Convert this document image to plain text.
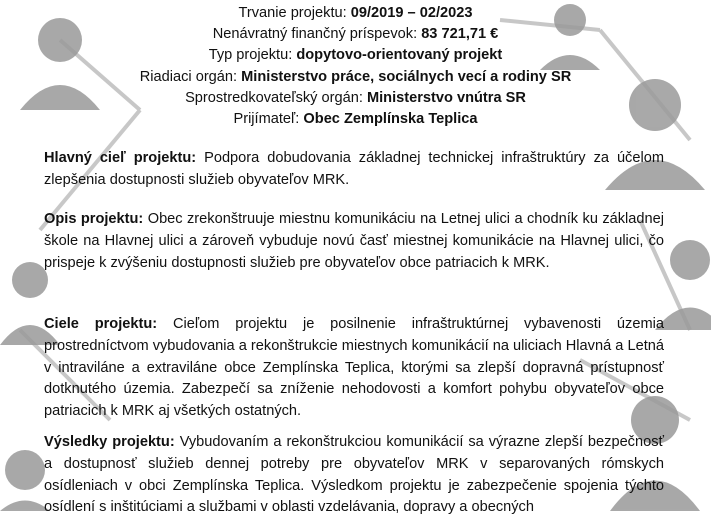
Trvanie projektu: 09/2019 – 02/2023
Nenávratný finančný príspevok: 83 721,71 €
Typ projektu: dopytovo-orientovaný projekt
Riadiaci orgán: Ministerstvo práce, sociálnych vecí a rodiny SR
Sprostredkovateľský orgán: Ministerstvo vnútra SR
Prijímateľ: Obec Zemplínska Teplica
Hlavný cieľ projektu: Podpora dobudovania základnej technickej infraštruktúry za účelom zlepšenia dostupnosti služieb obyvateľov MRK.
Opis projektu: Obec zrekonštruuje miestnu komunikáciu na Letnej ulici a chodník ku základnej škole na Hlavnej ulici a zároveň vybuduje novú časť miestnej komunikácie na Hlavnej ulici, čo prispeje k zvýšeniu dostupnosti služieb pre obyvateľov obce patriacich k MRK.
Ciele projektu: Cieľom projektu je posilnenie infraštruktúrnej vybavenosti územia prostredníctvom vybudovania a rekonštrukcie miestnych komunikácií na uliciach Hlavná a Letná v intraviláne a extraviláne obce Zemplínska Teplica, ktorými sa zlepší dopravná prístupnosť dotknutého územia. Zabezpečí sa zníženie nehodovosti a komfort pohybu obyvateľov obce patriacich k MRK aj všetkých ostatných.
Výsledky projektu: Vybudovaním a rekonštrukciou komunikácií sa výrazne zlepší bezpečnosť a dostupnosť služieb dennej potreby pre obyvateľov MRK v separovaných rómskych osídleniach v obci Zemplínska Teplica. Výsledkom projektu je zabezpečenie spojenia týchto osídlení s inštitúciami a službami v oblasti vzdelávania, dopravy a obecných
